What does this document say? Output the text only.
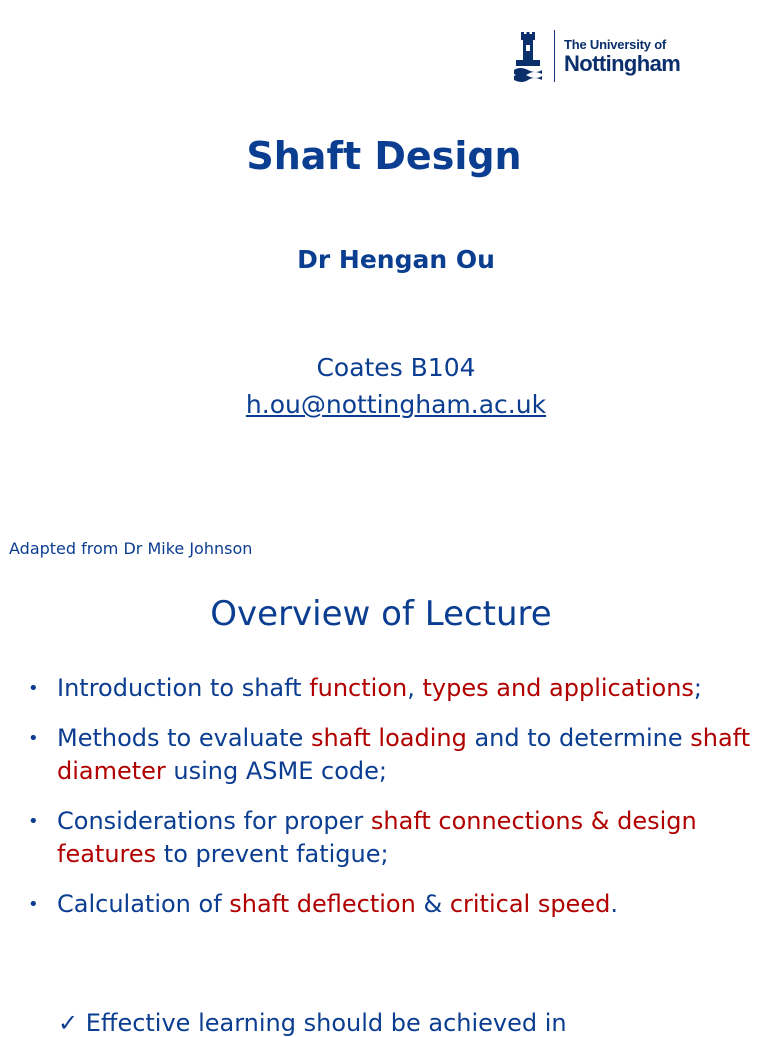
The University of
Nottingham
Shaft Design
Dr Hengan Ou
Coates B104
h.ou@nottingham.ac.uk
Adapted from Dr Mike Johnson
Overview of Lecture
• Introduction to shaft function, types and applications;
• Methods to evaluate shaft loading and to determine shaft diameter using ASME code;
• Considerations for proper shaft connections & design features to prevent fatigue;
• Calculation of shaft deflection & critical speed.
✓ Effective learning should be achieved in
